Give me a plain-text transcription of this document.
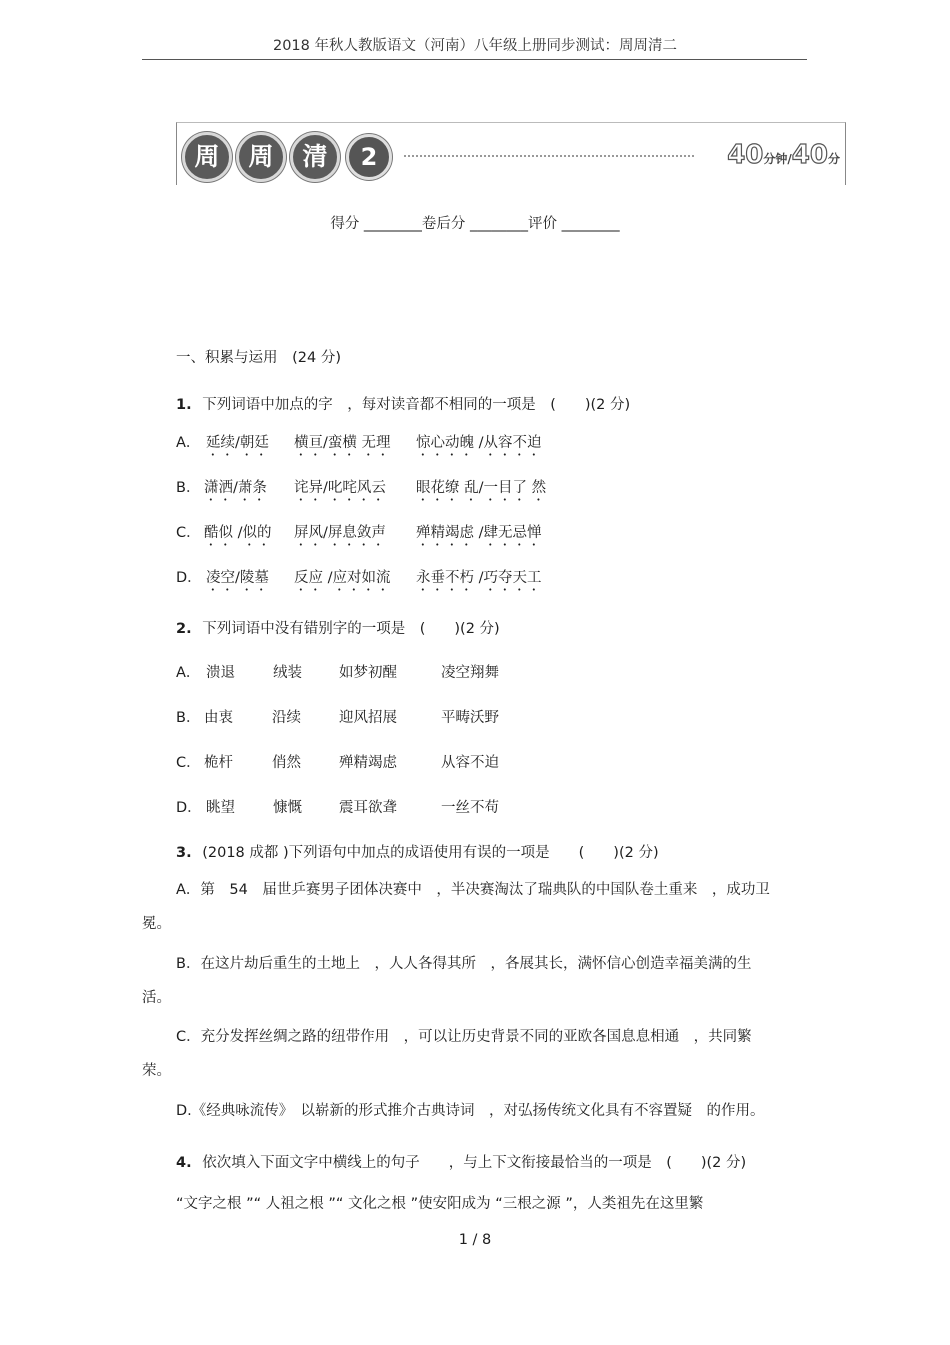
2018 年秋人教版语文（河南）八年级上册同步测试：周周清二
周	周	清	2	40分钟/40分
得分 ________卷后分 ________评价 ________
一、积累与运用 (24 分)
1. 下列词语中加点的字　，每对读音都不相同的一项是　(　　)(2 分)
A． 延续/朝廷 横亘/蛮横 无理 惊心动魄 /从容不迫
B． 潇洒/萧条 诧异/叱咤风云 眼花缭 乱/一目了 然
C． 酷似 /似的 屏风/屏息敛声 殚精竭虑 /肆无忌惮
D． 凌空/陵墓 反应 /应对如流 永垂不朽 /巧夺天工
2. 下列词语中没有错别字的一项是　(　　)(2 分)
A． 溃退	绒装	如梦初醒	凌空翔舞
B． 由衷	沿续	迎风招展	平畴沃野
C． 桅杆	俏然	殚精竭虑	从容不迫
D． 眺望	慷慨	震耳欲聋	一丝不苟
3. (2018 成都 )下列语句中加点的成语使用有误的一项是　　(　　)(2 分)
A．第　54　届世乒赛男子团体决赛中　，半决赛淘汰了瑞典队的中国队卷土重来　，成功卫
冕。
B．在这片劫后重生的土地上　，人人各得其所　，各展其长，满怀信心创造幸福美满的生
活。
C．充分发挥丝绸之路的纽带作用　，可以让历史背景不同的亚欧各国息息相通　，共同繁
荣。
D.《经典咏流传》　以崭新的形式推介古典诗词　，对弘扬传统文化具有不容置疑　的作用。
4. 依次填入下面文字中横线上的句子　　，与上下文衔接最恰当的一项是　(　　)(2 分)
“文字之根 ”“ 人祖之根 ”“ 文化之根 ”使安阳成为 “三根之源 ”，人类祖先在这里繁
1 / 8
